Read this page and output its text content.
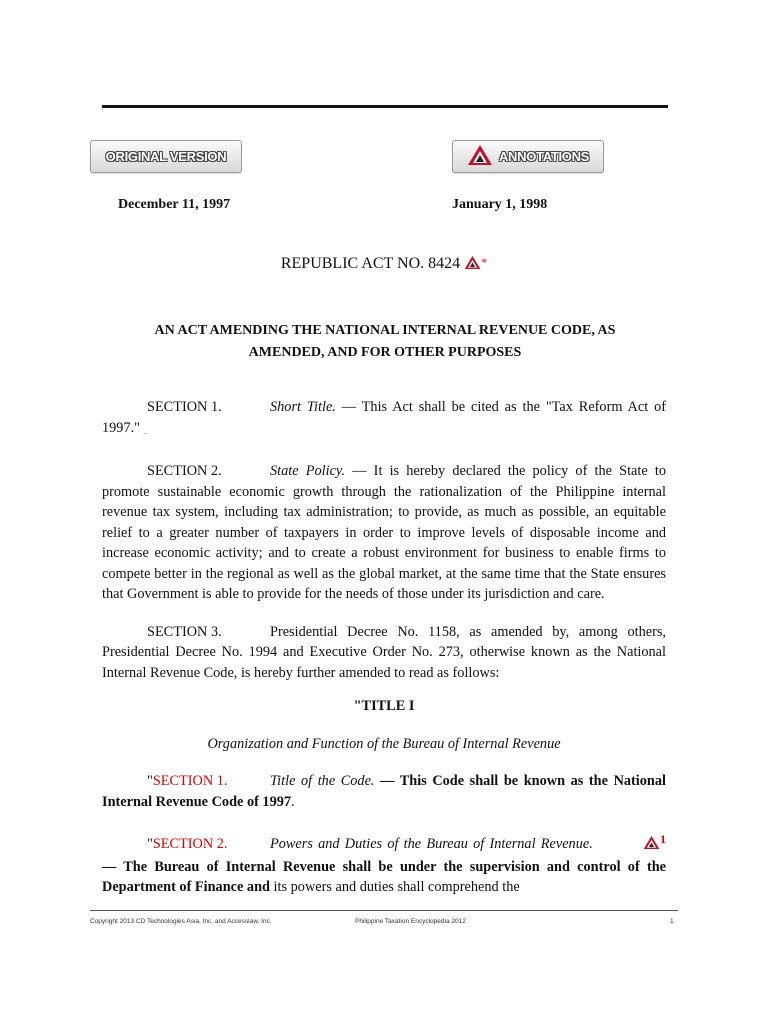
ORIGINAL VERSION	ANNOTATIONS
December 11, 1997	January 1, 1998
REPUBLIC ACT NO. 8424 *
AN ACT AMENDING THE NATIONAL INTERNAL REVENUE CODE, AS
AMENDED, AND FOR OTHER PURPOSES

SECTION 1.	Short Title. — This Act shall be cited as the "Tax Reform Act of 1997." $_─$

SECTION 2.	State Policy. — It is hereby declared the policy of the State to promote sustainable economic growth through the rationalization of the Philippine internal revenue tax system, including tax administration; to provide, as much as possible, an equitable relief to a greater number of taxpayers in order to improve levels of disposable income and increase economic activity; and to create a robust environment for business to enable firms to compete better in the regional as well as the global market, at the same time that the State ensures that Government is able to provide for the needs of those under its jurisdiction and care.

SECTION 3.	Presidential Decree No. 1158, as amended by, among others, Presidential Decree No. 1994 and Executive Order No. 273, otherwise known as the National Internal Revenue Code, is hereby further amended to read as follows:

"TITLE I

Organization and Function of the Bureau of Internal Revenue

"SECTION 1.	Title of the Code. — This Code shall be known as the National Internal Revenue Code of 1997.

"SECTION 2.	Powers and Duties of the Bureau of Internal Revenue.	$^1$ — The Bureau of Internal Revenue shall be under the supervision and control of the Department of Finance and its powers and duties shall comprehend the

Copyright 2013 CD Technologies Asia, Inc. and Accesslaw, Inc.	Philippine Taxation Encyclopedia 2012	1
